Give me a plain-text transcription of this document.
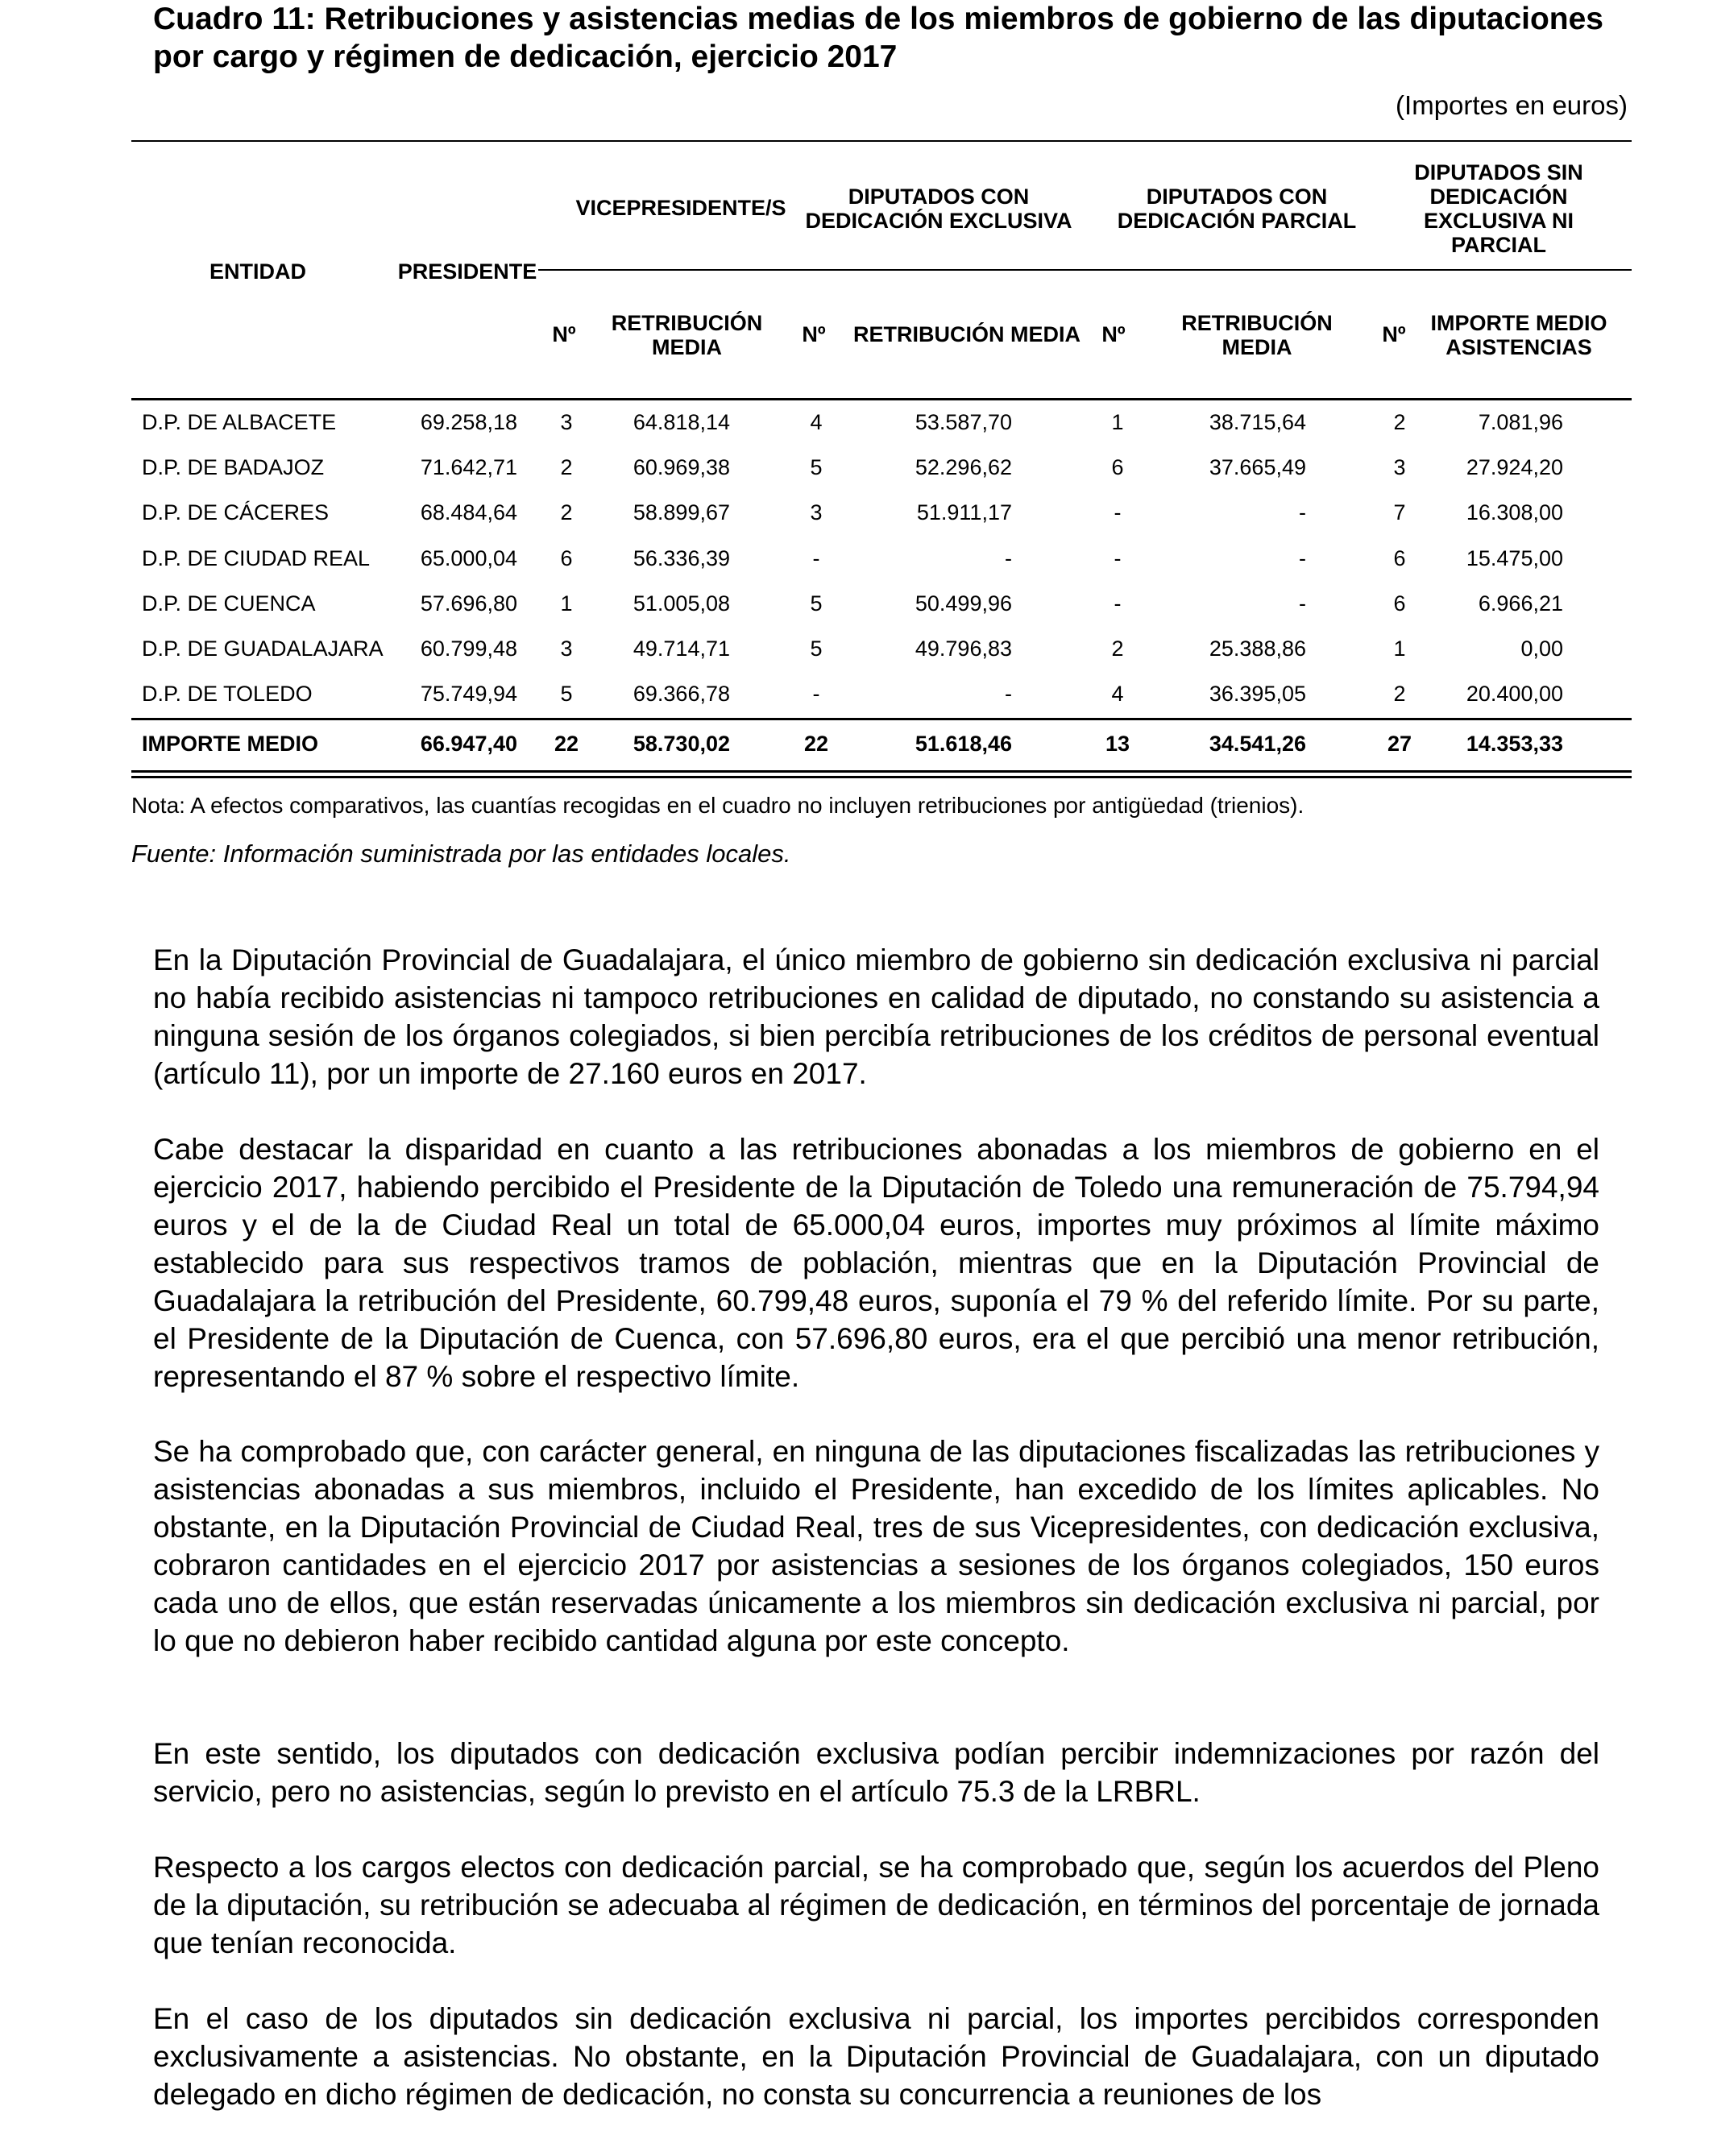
Cuadro 11: Retribuciones y asistencias medias de los miembros de gobierno de las diputaciones por cargo y régimen de dedicación, ejercicio 2017
(Importes en euros)
ENTIDAD	PRESIDENTE
VICEPRESIDENTE/S	DIPUTADOS CON DEDICACIÓN EXCLUSIVA
DIPUTADOS CON DEDICACIÓN PARCIAL
DIPUTADOS SIN DEDICACIÓN EXCLUSIVA NI PARCIAL
Nº	RETRIBUCIÓN MEDIA
Nº	RETRIBUCIÓN MEDIA Nº	RETRIBUCIÓN MEDIA
Nº	IMPORTE MEDIO ASISTENCIAS
D.P. DE ALBACETE	69.258,18	3	64.818,14	4	53.587,70	1	38.715,64	2	7.081,96
D.P. DE BADAJOZ	71.642,71	2	60.969,38	5	52.296,62	6	37.665,49	3	27.924,20
D.P. DE CÁCERES	68.484,64	2	58.899,67	3	51.911,17	-	-	7	16.308,00
D.P. DE CIUDAD REAL 65.000,04	6	56.336,39	-	-	-	-	6	15.475,00
D.P. DE CUENCA	57.696,80	1	51.005,08	5	50.499,96	-	-	6	6.966,21
D.P. DE GUADALAJARA 60.799,48	3	49.714,71	5	49.796,83	2	25.388,86	1	0,00
D.P. DE TOLEDO	75.749,94	5	69.366,78	-	-	4	36.395,05	2	20.400,00
IMPORTE MEDIO	66.947,40	22	58.730,02	22	51.618,46	13	34.541,26	27	14.353,33

Nota: A efectos comparativos, las cuantías recogidas en el cuadro no incluyen retribuciones por antigüedad (trienios).

Fuente: Información suministrada por las entidades locales.

En la Diputación Provincial de Guadalajara, el único miembro de gobierno sin dedicación exclusiva ni parcial no había recibido asistencias ni tampoco retribuciones en calidad de diputado, no constando su asistencia a ninguna sesión de los órganos colegiados, si bien percibía retribuciones de los créditos de personal eventual (artículo 11), por un importe de 27.160 euros en 2017.

Cabe destacar la disparidad en cuanto a las retribuciones abonadas a los miembros de gobierno en el ejercicio 2017, habiendo percibido el Presidente de la Diputación de Toledo una remuneración de 75.794,94 euros y el de la de Ciudad Real un total de 65.000,04 euros, importes muy próximos al límite máximo establecido para sus respectivos tramos de población, mientras que en la Diputación Provincial de Guadalajara la retribución del Presidente, 60.799,48 euros, suponía el 79 % del referido límite. Por su parte, el Presidente de la Diputación de Cuenca, con 57.696,80 euros, era el que percibió una menor retribución, representando el 87 % sobre el respectivo límite.

Se ha comprobado que, con carácter general, en ninguna de las diputaciones fiscalizadas las retribuciones y asistencias abonadas a sus miembros, incluido el Presidente, han excedido de los límites aplicables. No obstante, en la Diputación Provincial de Ciudad Real, tres de sus Vicepresidentes, con dedicación exclusiva, cobraron cantidades en el ejercicio 2017 por asistencias a sesiones de los órganos colegiados, 150 euros cada uno de ellos, que están reservadas únicamente a los miembros sin dedicación exclusiva ni parcial, por lo que no debieron haber recibido cantidad alguna por este concepto.

En este sentido, los diputados con dedicación exclusiva podían percibir indemnizaciones por razón del servicio, pero no asistencias, según lo previsto en el artículo 75.3 de la LRBRL.

Respecto a los cargos electos con dedicación parcial, se ha comprobado que, según los acuerdos del Pleno de la diputación, su retribución se adecuaba al régimen de dedicación, en términos del porcentaje de jornada que tenían reconocida.

En el caso de los diputados sin dedicación exclusiva ni parcial, los importes percibidos corresponden exclusivamente a asistencias. No obstante, en la Diputación Provincial de Guadalajara, con un diputado delegado en dicho régimen de dedicación, no consta su concurrencia a reuniones de los
